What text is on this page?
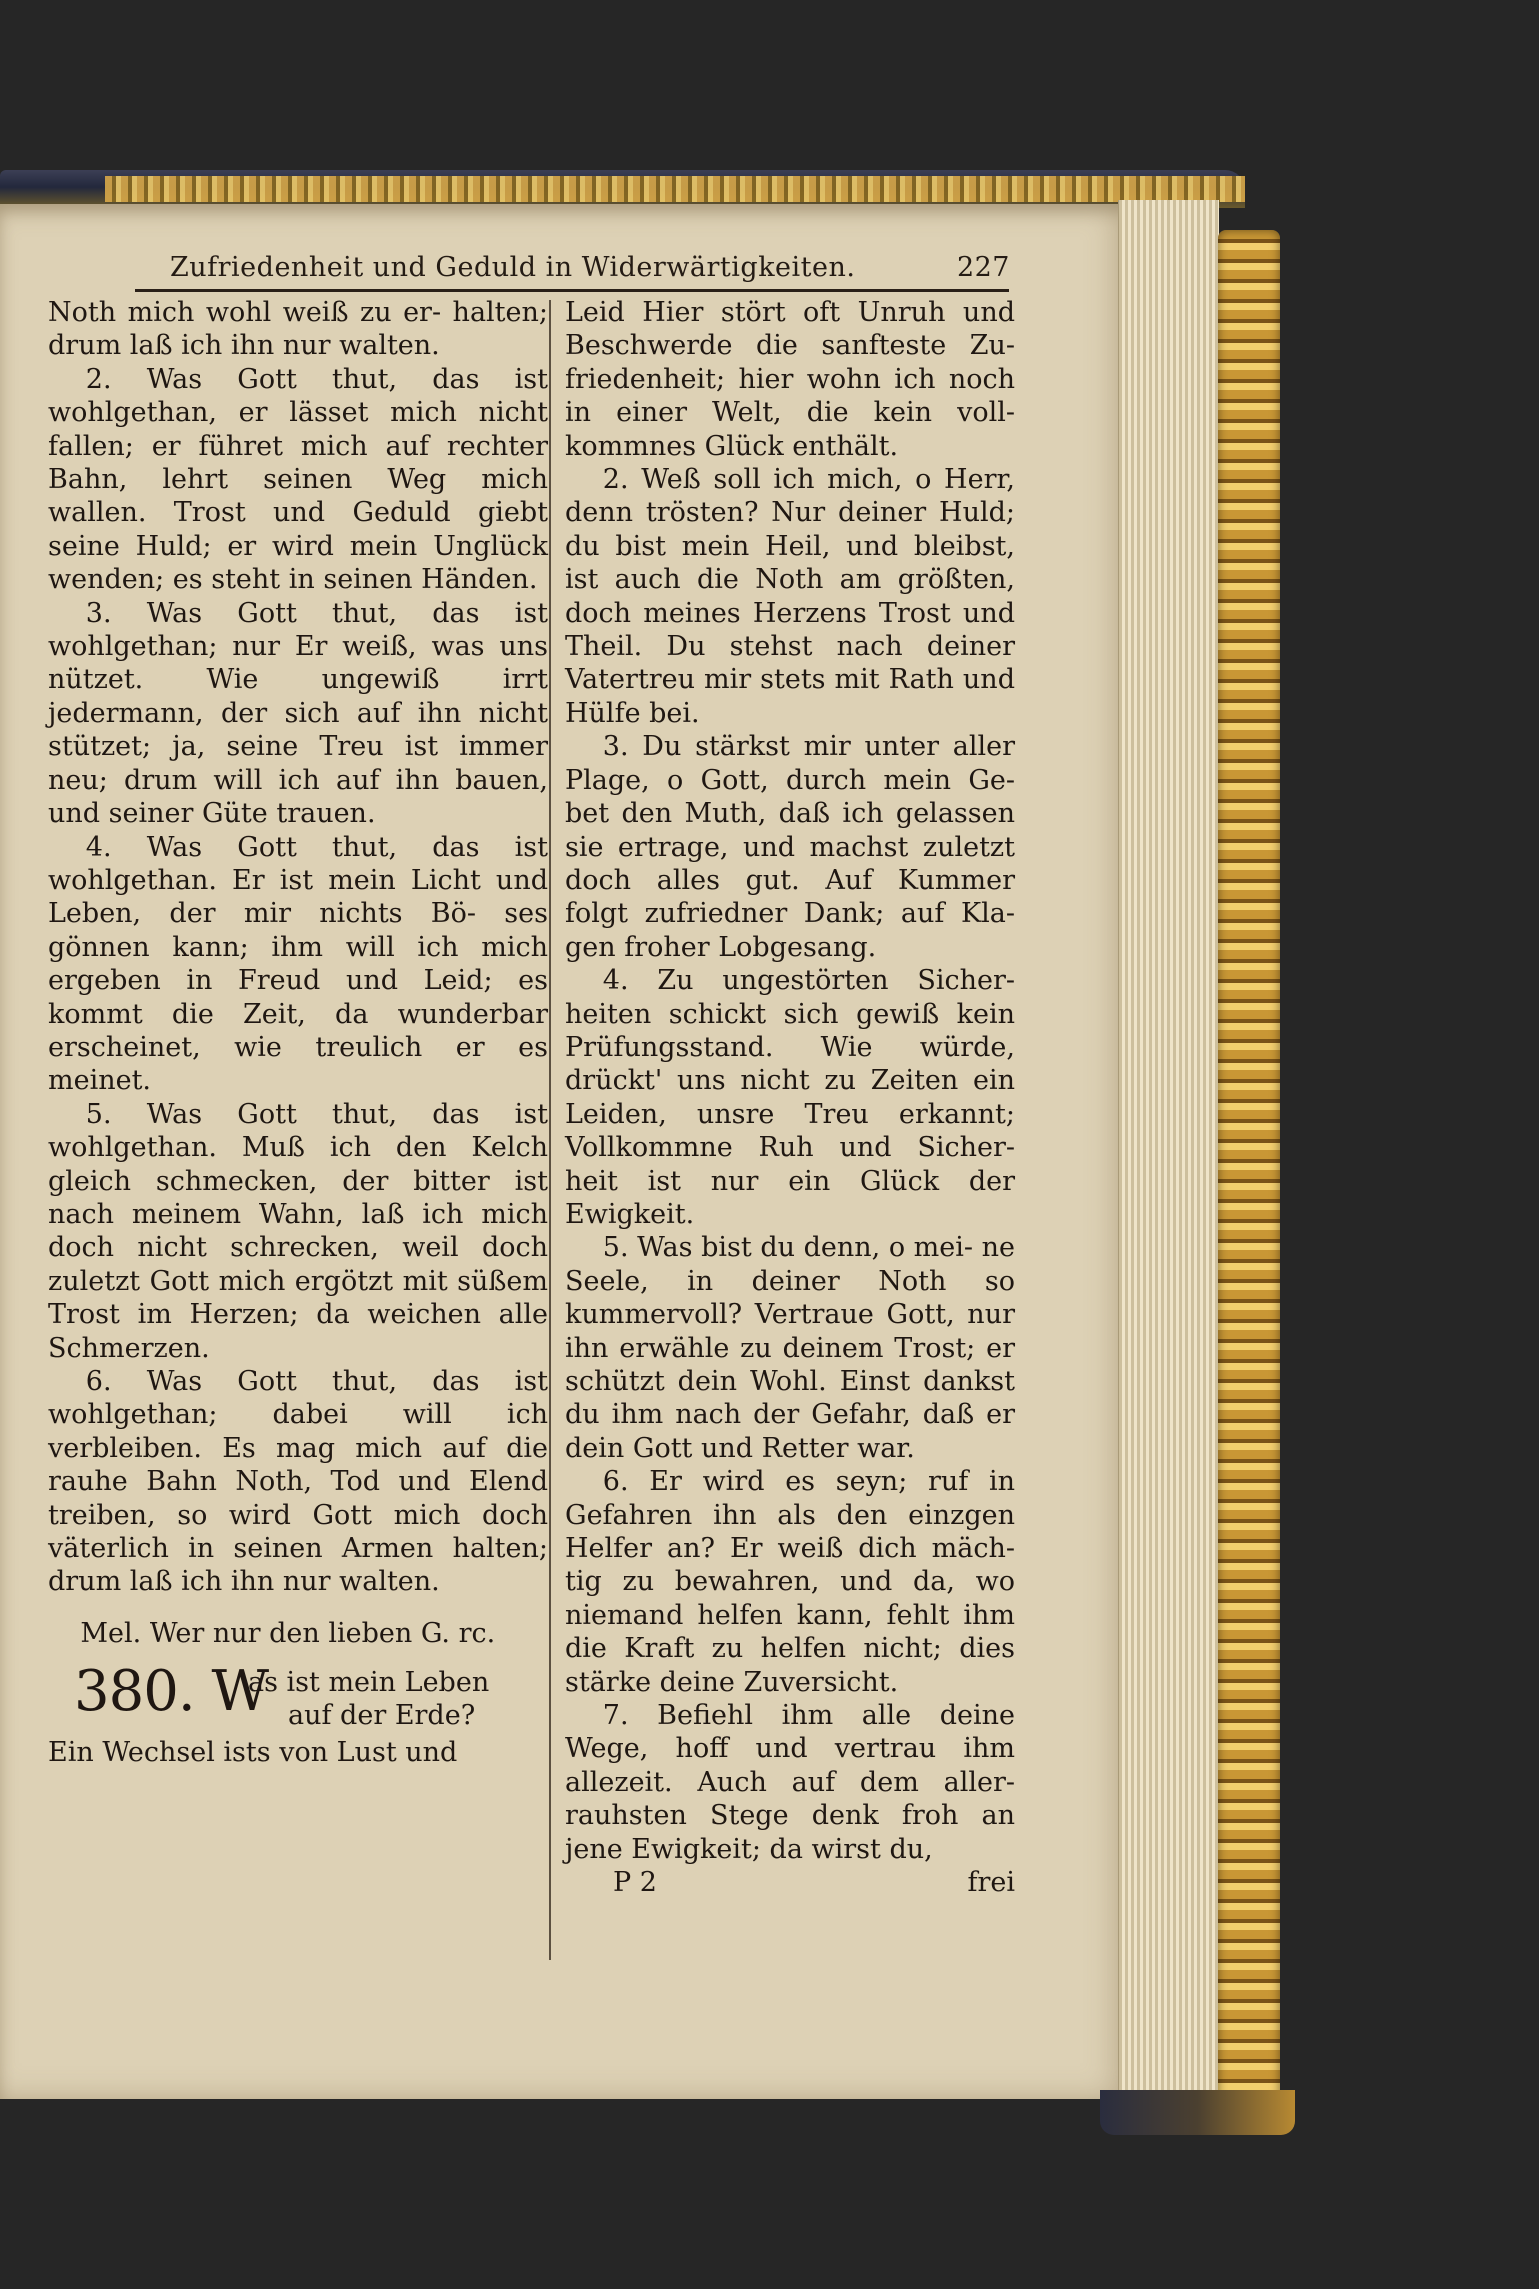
Zufriedenheit und Geduld in Widerwärtigkeiten.	227

Noth mich wohl weiß zu er- halten; drum laß ich ihn nur walten.

2. Was Gott thut, das ist wohlgethan, er lässet mich nicht fallen; er führet mich auf rechter Bahn, lehrt seinen Weg mich wallen. Trost und Geduld giebt seine Huld; er wird mein Unglück wenden; es steht in seinen Händen.

3. Was Gott thut, das ist wohlgethan; nur Er weiß, was uns nützet. Wie ungewiß irrt jedermann, der sich auf ihn nicht stützet; ja, seine Treu ist immer neu; drum will ich auf ihn bauen, und seiner Güte trauen.

4. Was Gott thut, das ist wohlgethan. Er ist mein Licht und Leben, der mir nichts Bö- ses gönnen kann; ihm will ich mich ergeben in Freud und Leid; es kommt die Zeit, da wunderbar erscheinet, wie treulich er es meinet.

5. Was Gott thut, das ist wohlgethan. Muß ich den Kelch gleich schmecken, der bitter ist nach meinem Wahn, laß ich mich doch nicht schrecken, weil doch zuletzt Gott mich ergötzt mit süßem Trost im Herzen; da weichen alle Schmerzen.

6. Was Gott thut, das ist wohlgethan; dabei will ich verbleiben. Es mag mich auf die rauhe Bahn Noth, Tod und Elend treiben, so wird Gott mich doch väterlich in seinen Armen halten; drum laß ich ihn nur walten.

Mel. Wer nur den lieben G. rc.

380. W
as ist mein Leben
auf der Erde?

Ein Wechsel ists von Lust und

Leid Hier stört oft Unruh und Beschwerde die sanfteste Zu- friedenheit; hier wohn ich noch in einer Welt, die kein voll- kommnes Glück enthält.

2. Weß soll ich mich, o Herr, denn trösten? Nur deiner Huld; du bist mein Heil, und bleibst, ist auch die Noth am größten, doch meines Herzens Trost und Theil. Du stehst nach deiner Vatertreu mir stets mit Rath und Hülfe bei.

3. Du stärkst mir unter aller Plage, o Gott, durch mein Ge- bet den Muth, daß ich gelassen sie ertrage, und machst zuletzt doch alles gut. Auf Kummer folgt zufriedner Dank; auf Kla- gen froher Lobgesang.

4. Zu ungestörten Sicher- heiten schickt sich gewiß kein Prüfungsstand. Wie würde, drückt' uns nicht zu Zeiten ein Leiden, unsre Treu erkannt; Vollkommne Ruh und Sicher- heit ist nur ein Glück der Ewigkeit.

5. Was bist du denn, o mei- ne Seele, in deiner Noth so kummervoll? Vertraue Gott, nur ihn erwähle zu deinem Trost; er schützt dein Wohl. Einst dankst du ihm nach der Gefahr, daß er dein Gott und Retter war.

6. Er wird es seyn; ruf in Gefahren ihn als den einzgen Helfer an? Er weiß dich mäch- tig zu bewahren, und da, wo niemand helfen kann, fehlt ihm die Kraft zu helfen nicht; dies stärke deine Zuversicht.

7. Befiehl ihm alle deine Wege, hoff und vertrau ihm allezeit. Auch auf dem aller- rauhsten Stege denk froh an jene Ewigkeit; da wirst du,

P 2	frei
